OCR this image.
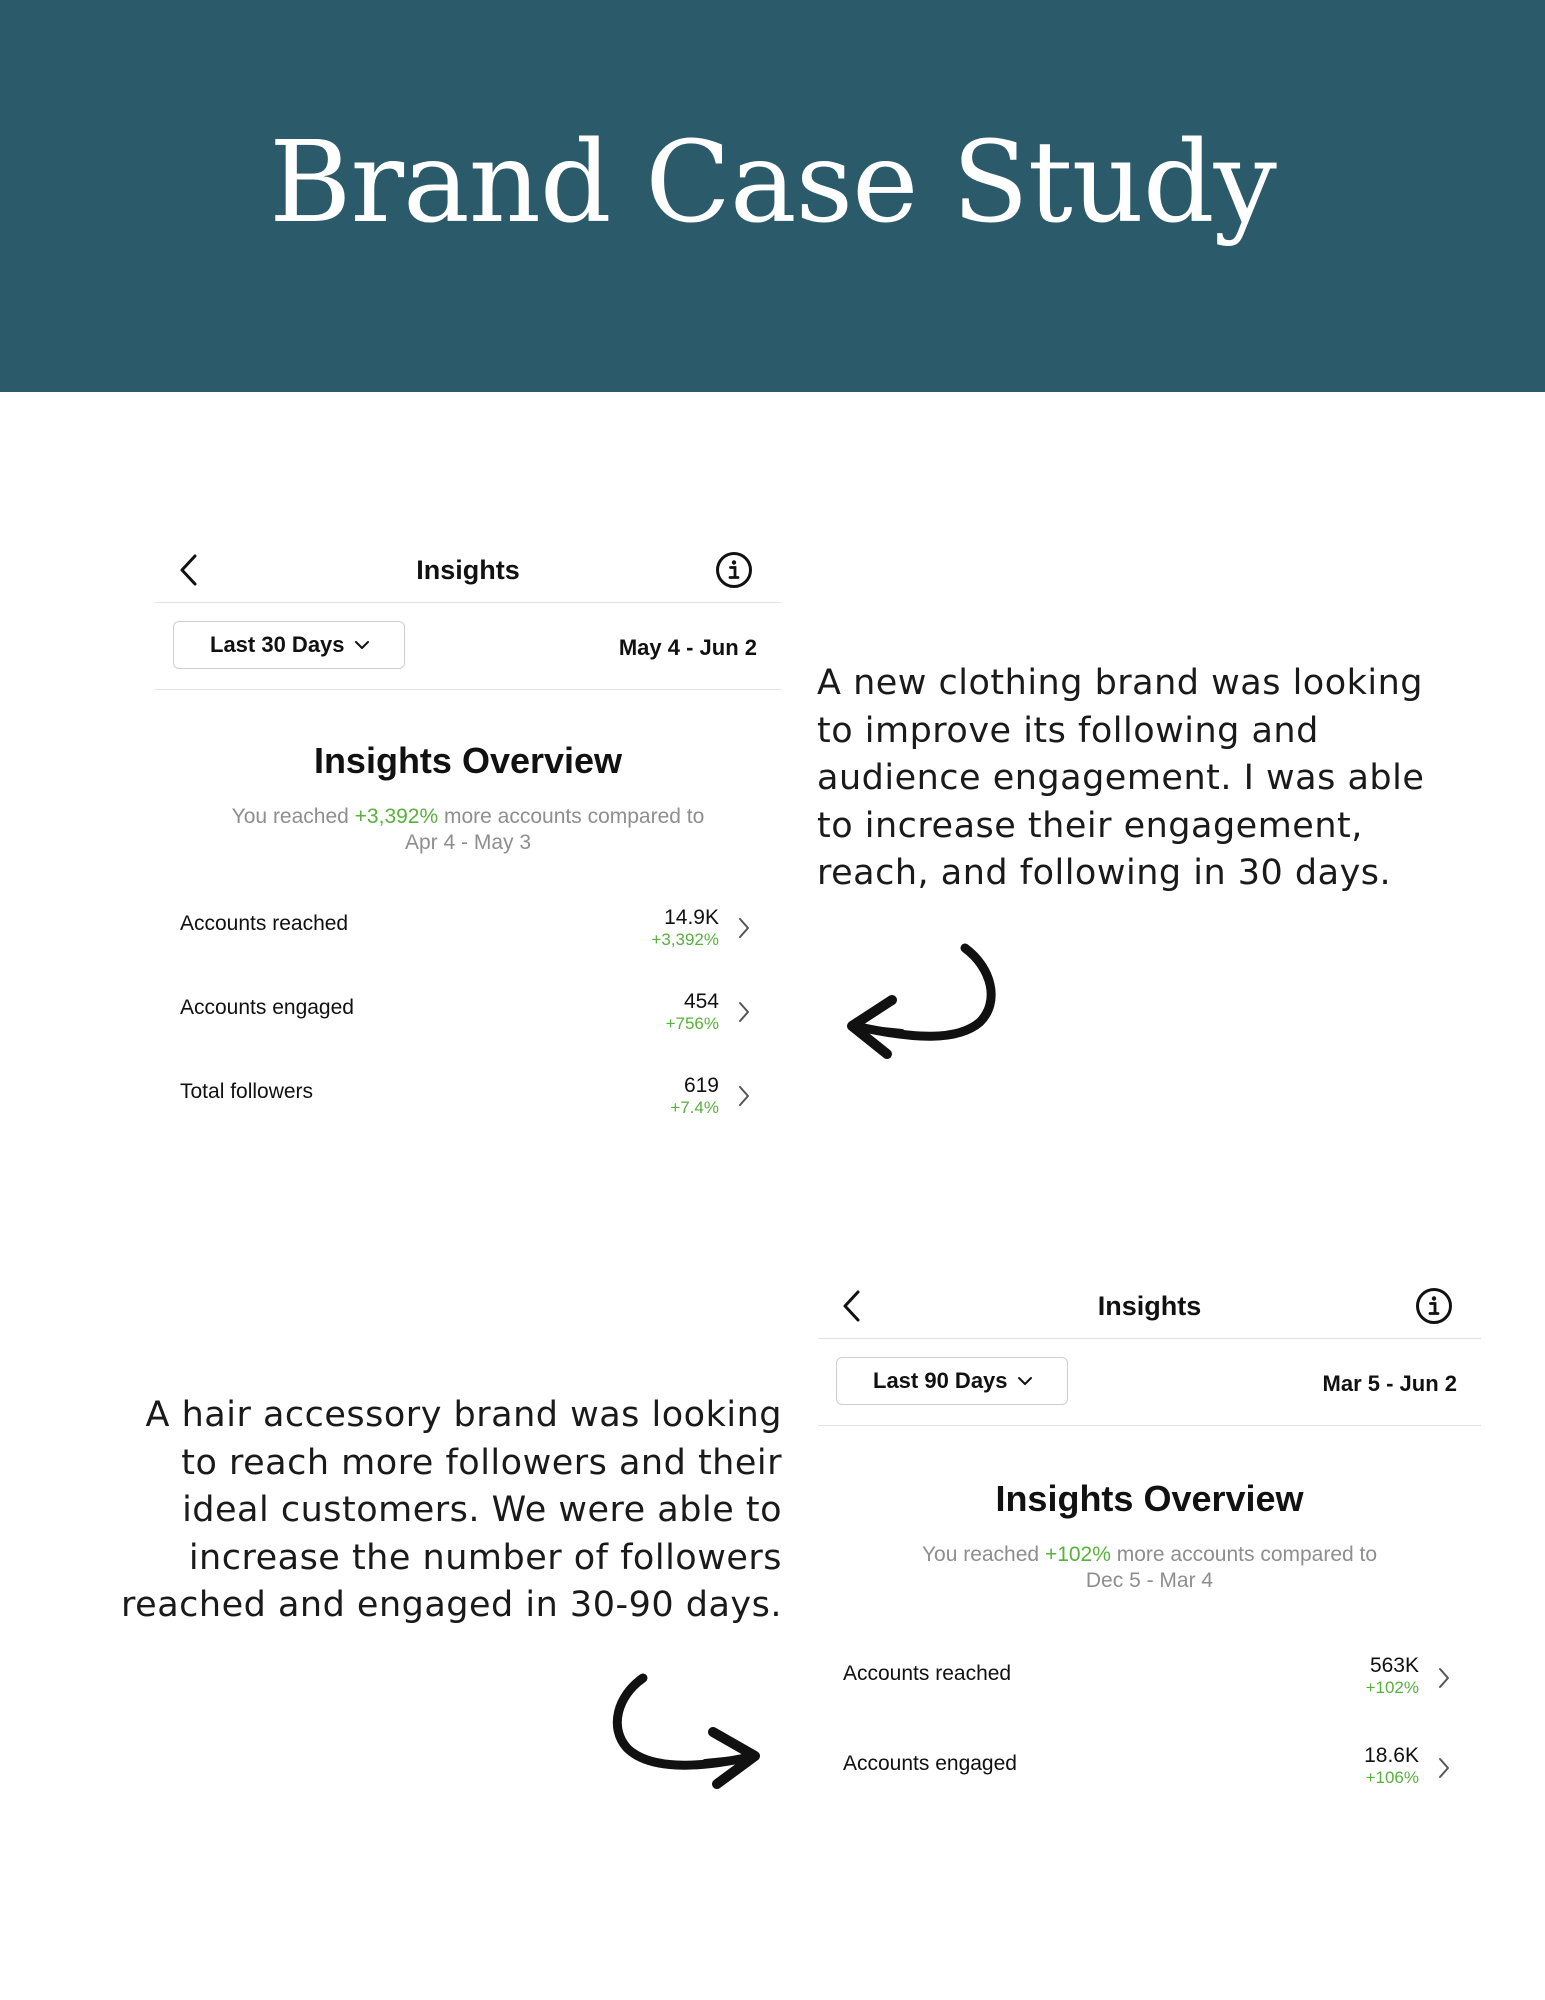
Brand Case Study
Insights
Last 30 Days	May 4 - Jun 2
Insights Overview
You reached +3,392% more accounts compared to
Apr 4 - May 3
Accounts reached	14.9K
+3,392%
Accounts engaged	454
+756%
Total followers	619
+7.4%
A new clothing brand was looking to improve its following and audience engagement. I was able to increase their engagement, reach, and following in 30 days.
A hair accessory brand was looking to reach more followers and their ideal customers. We were able to increase the number of followers reached and engaged in 30-90 days.
Insights
Last 90 Days	Mar 5 - Jun 2
Insights Overview
You reached +102% more accounts compared to
Dec 5 - Mar 4
Accounts reached	563K
+102%
Accounts engaged	18.6K
+106%
